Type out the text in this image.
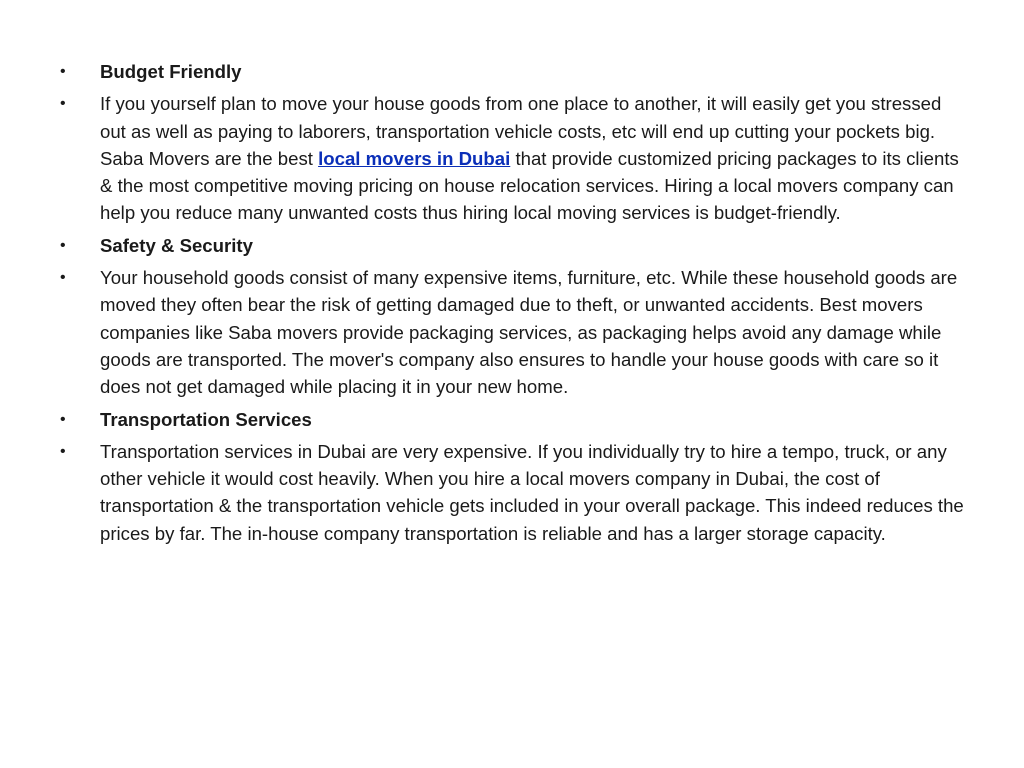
•	Budget Friendly
•	If you yourself plan to move your house goods from one place to another, it will easily get you stressed out as well as paying to laborers, transportation vehicle costs, etc will end up cutting your pockets big. Saba Movers are the best local movers in Dubai that provide customized pricing packages to its clients & the most competitive moving pricing on house relocation services. Hiring a local movers company can help you reduce many unwanted costs thus hiring local moving services is budget-friendly.
•	Safety & Security
•	Your household goods consist of many expensive items, furniture, etc. While these household goods are moved they often bear the risk of getting damaged due to theft, or unwanted accidents. Best movers companies like Saba movers provide packaging services, as packaging helps avoid any damage while goods are transported. The mover's company also ensures to handle your house goods with care so it does not get damaged while placing it in your new home.
•	Transportation Services
•	Transportation services in Dubai are very expensive. If you individually try to hire a tempo, truck, or any other vehicle it would cost heavily. When you hire a local movers company in Dubai, the cost of transportation & the transportation vehicle gets included in your overall package. This indeed reduces the prices by far. The in-house company transportation is reliable and has a larger storage capacity.
